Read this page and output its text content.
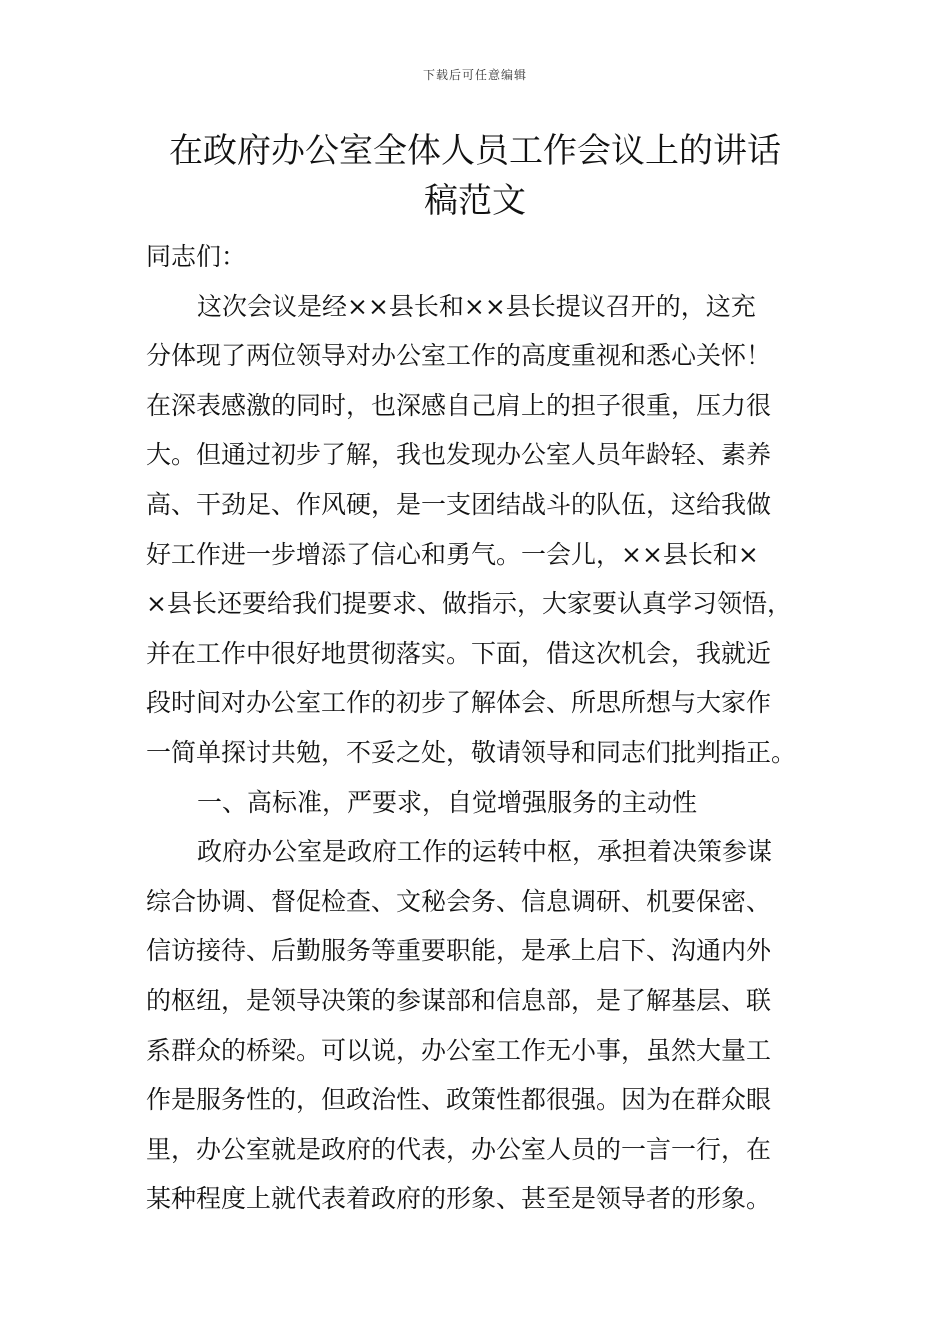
下载后可任意编辑
在政府办公室全体人员工作会议上的讲话
稿范文
同志们：
这次会议是经××县长和××县长提议召开的，这充
分体现了两位领导对办公室工作的高度重视和悉心关怀！
在深表感激的同时，也深感自己肩上的担子很重，压力很
大。但通过初步了解，我也发现办公室人员年龄轻、素养
高、干劲足、作风硬，是一支团结战斗的队伍，这给我做
好工作进一步增添了信心和勇气。一会儿，××县长和×
×县长还要给我们提要求、做指示，大家要认真学习领悟，
并在工作中很好地贯彻落实。下面，借这次机会，我就近
段时间对办公室工作的初步了解体会、所思所想与大家作
一简单探讨共勉，不妥之处，敬请领导和同志们批判指正。
一、高标准，严要求，自觉增强服务的主动性
政府办公室是政府工作的运转中枢，承担着决策参谋
综合协调、督促检查、文秘会务、信息调研、机要保密、
信访接待、后勤服务等重要职能，是承上启下、沟通内外
的枢纽，是领导决策的参谋部和信息部，是了解基层、联
系群众的桥梁。可以说，办公室工作无小事，虽然大量工
作是服务性的，但政治性、政策性都很强。因为在群众眼
里，办公室就是政府的代表，办公室人员的一言一行，在
某种程度上就代表着政府的形象、甚至是领导者的形象。
